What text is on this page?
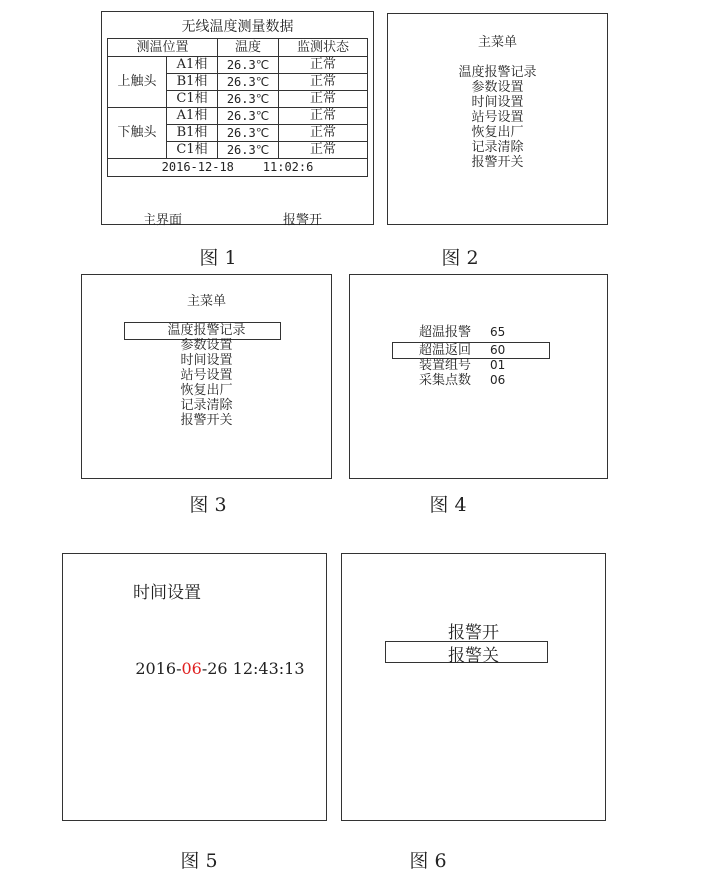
无线温度测量数据
测温位置		温度	监测状态
上触头	A1相	26.3℃	正常
	B1相	26.3℃	正常
	C1相	26.3℃	正常
下触头	A1相	26.3℃	正常
	B1相	26.3℃	正常
	C1相	26.3℃	正常
2016-12-18    11:02:6			
主界面	报警开
图 1
主菜单
温度报警记录
参数设置
时间设置
站号设置
恢复出厂
记录清除
报警开关
图 2
主菜单
温度报警记录
参数设置
时间设置
站号设置
恢复出厂
记录清除
报警开关
图 3
超温报警 65
超温返回 60
装置组号 01
采集点数 06
图 4
时间设置

2016-06-26 12:43:13

图 5
报警开
报警关
图 6
